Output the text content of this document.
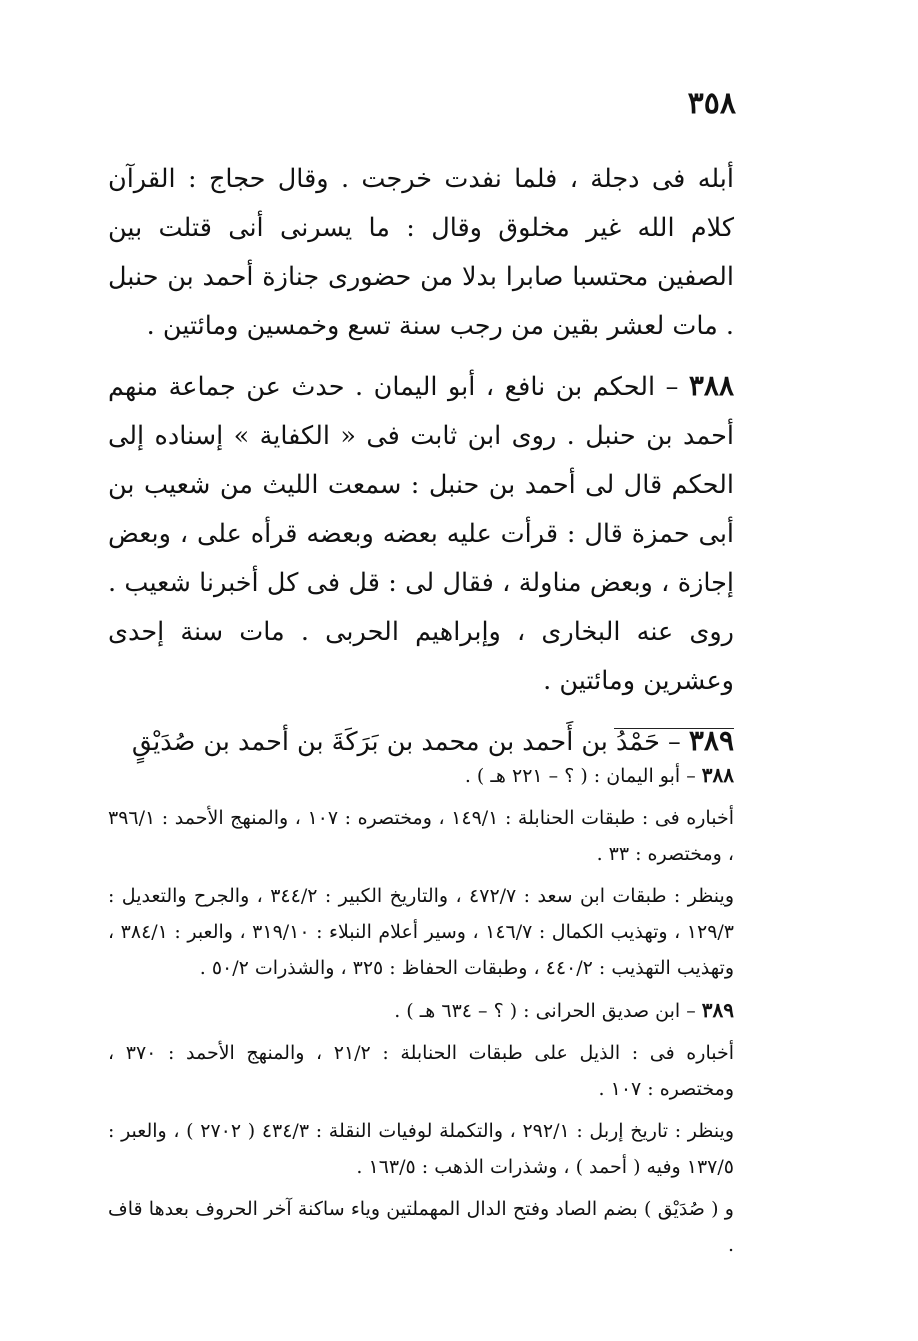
٣٥٨

أبله فى دجلة ، فلما نفدت خرجت . وقال حجاج : القرآن كلام الله غير مخلوق وقال : ما يسرنى أنى قتلت بين الصفين محتسبا صابرا بدلا من حضورى جنازة أحمد بن حنبل . مات لعشر بقين من رجب سنة تسع وخمسين ومائتين .

٣٨٨ – الحكم بن نافع ، أبو اليمان . حدث عن جماعة منهم أحمد بن حنبل . روى ابن ثابت فى « الكفاية » إسناده إلى الحكم قال لى أحمد بن حنبل : سمعت الليث من شعيب بن أبى حمزة قال : قرأت عليه بعضه وبعضه قرأه على ، وبعض إجازة ، وبعض مناولة ، فقال لى : قل فى كل أخبرنا شعيب . روى عنه البخارى ، وإبراهيم الحربى . مات سنة إحدى وعشرين ومائتين .

٣٨٩ – حَمْدُ بن أَحمد بن محمد بن بَرَكَةَ بن أحمد بن صُدَيْقٍ

٣٨٨ – أبو اليمان : ( ؟ – ٢٢١ هـ ) .

أخباره فى : طبقات الحنابلة : ١٤٩/١ ، ومختصره : ١٠٧ ، والمنهج الأحمد : ٣٩٦/١ ، ومختصره : ٣٣ .

وينظر : طبقات ابن سعد : ٤٧٢/٧ ، والتاريخ الكبير : ٣٤٤/٢ ، والجرح والتعديل : ١٢٩/٣ ، وتهذيب الكمال : ١٤٦/٧ ، وسير أعلام النبلاء : ٣١٩/١٠ ، والعبر : ٣٨٤/١ ، وتهذيب التهذيب : ٤٤٠/٢ ، وطبقات الحفاظ : ٣٢٥ ، والشذرات ٥٠/٢ .

٣٨٩ – ابن صديق الحرانى : ( ؟ – ٦٣٤ هـ ) .

أخباره فى : الذيل على طبقات الحنابلة : ٢١/٢ ، والمنهج الأحمد : ٣٧٠ ، ومختصره : ١٠٧ .

وينظر : تاريخ إربل : ٢٩٢/١ ، والتكملة لوفيات النقلة : ٤٣٤/٣ ( ٢٧٠٢ ) ، والعبر : ١٣٧/٥ وفيه ( أحمد ) ، وشذرات الذهب : ١٦٣/٥ .

و ( صُدَيْق ) بضم الصاد وفتح الدال المهملتين وياء ساكنة آخر الحروف بعدها قاف .
